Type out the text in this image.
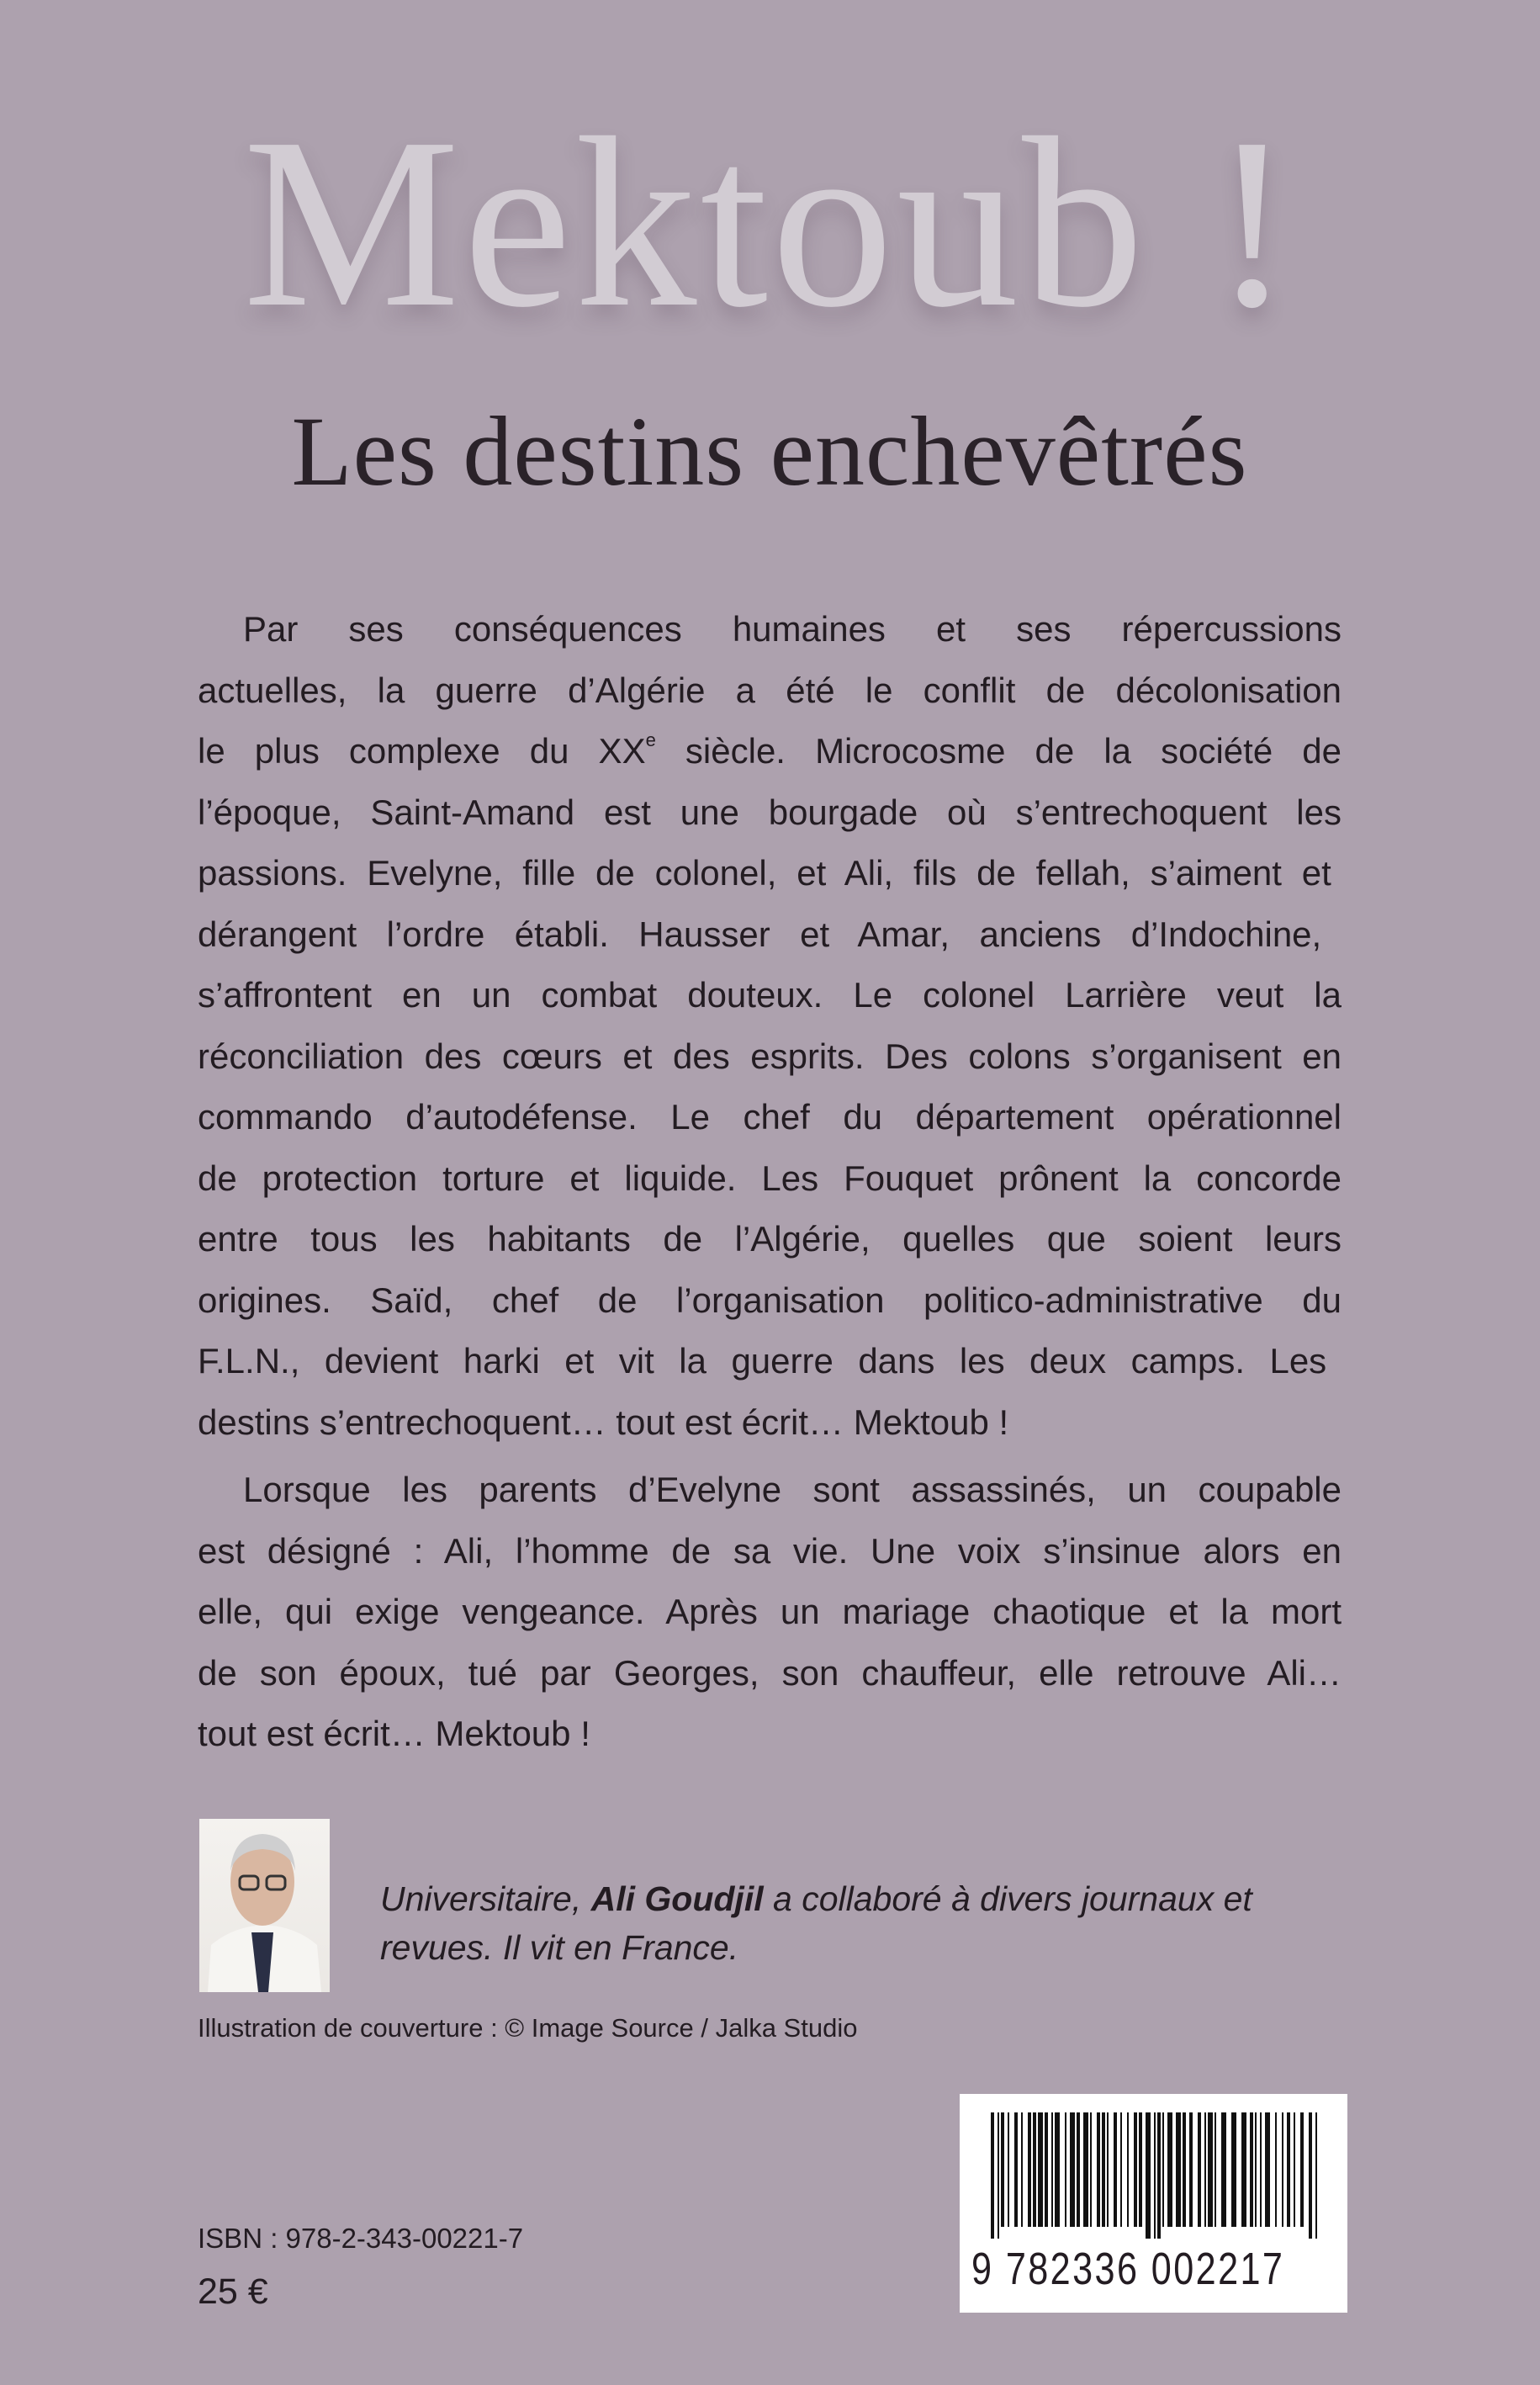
Mektoub !
Les destins enchevêtrés
Par ses conséquences humaines et ses répercussions
actuelles, la guerre d’Algérie a été le conflit de décolonisation
le plus complexe du XXe siècle. Microcosme de la société de
l’époque, Saint-Amand est une bourgade où s’entrechoquent les
passions. Evelyne, fille de colonel, et Ali, fils de fellah, s’aiment et
dérangent l’ordre établi. Hausser et Amar, anciens d’Indochine,
s’affrontent en un combat douteux. Le colonel Larrière veut la
réconciliation des cœurs et des esprits. Des colons s’organisent en
commando d’autodéfense. Le chef du département opérationnel
de protection torture et liquide. Les Fouquet prônent la concorde
entre tous les habitants de l’Algérie, quelles que soient leurs
origines. Saïd, chef de l’organisation politico-administrative du
F.L.N., devient harki et vit la guerre dans les deux camps. Les
destins s’entrechoquent… tout est écrit… Mektoub !
Lorsque les parents d’Evelyne sont assassinés, un coupable
est désigné : Ali, l’homme de sa vie. Une voix s’insinue alors en
elle, qui exige vengeance. Après un mariage chaotique et la mort
de son époux, tué par Georges, son chauffeur, elle retrouve Ali…
tout est écrit… Mektoub !
Universitaire, Ali Goudjil a collaboré à divers journaux et revues. Il vit en France.
Illustration de couverture : © Image Source / Jalka Studio
ISBN : 978-2-343-00221-7
25 €	9 782336 002217
